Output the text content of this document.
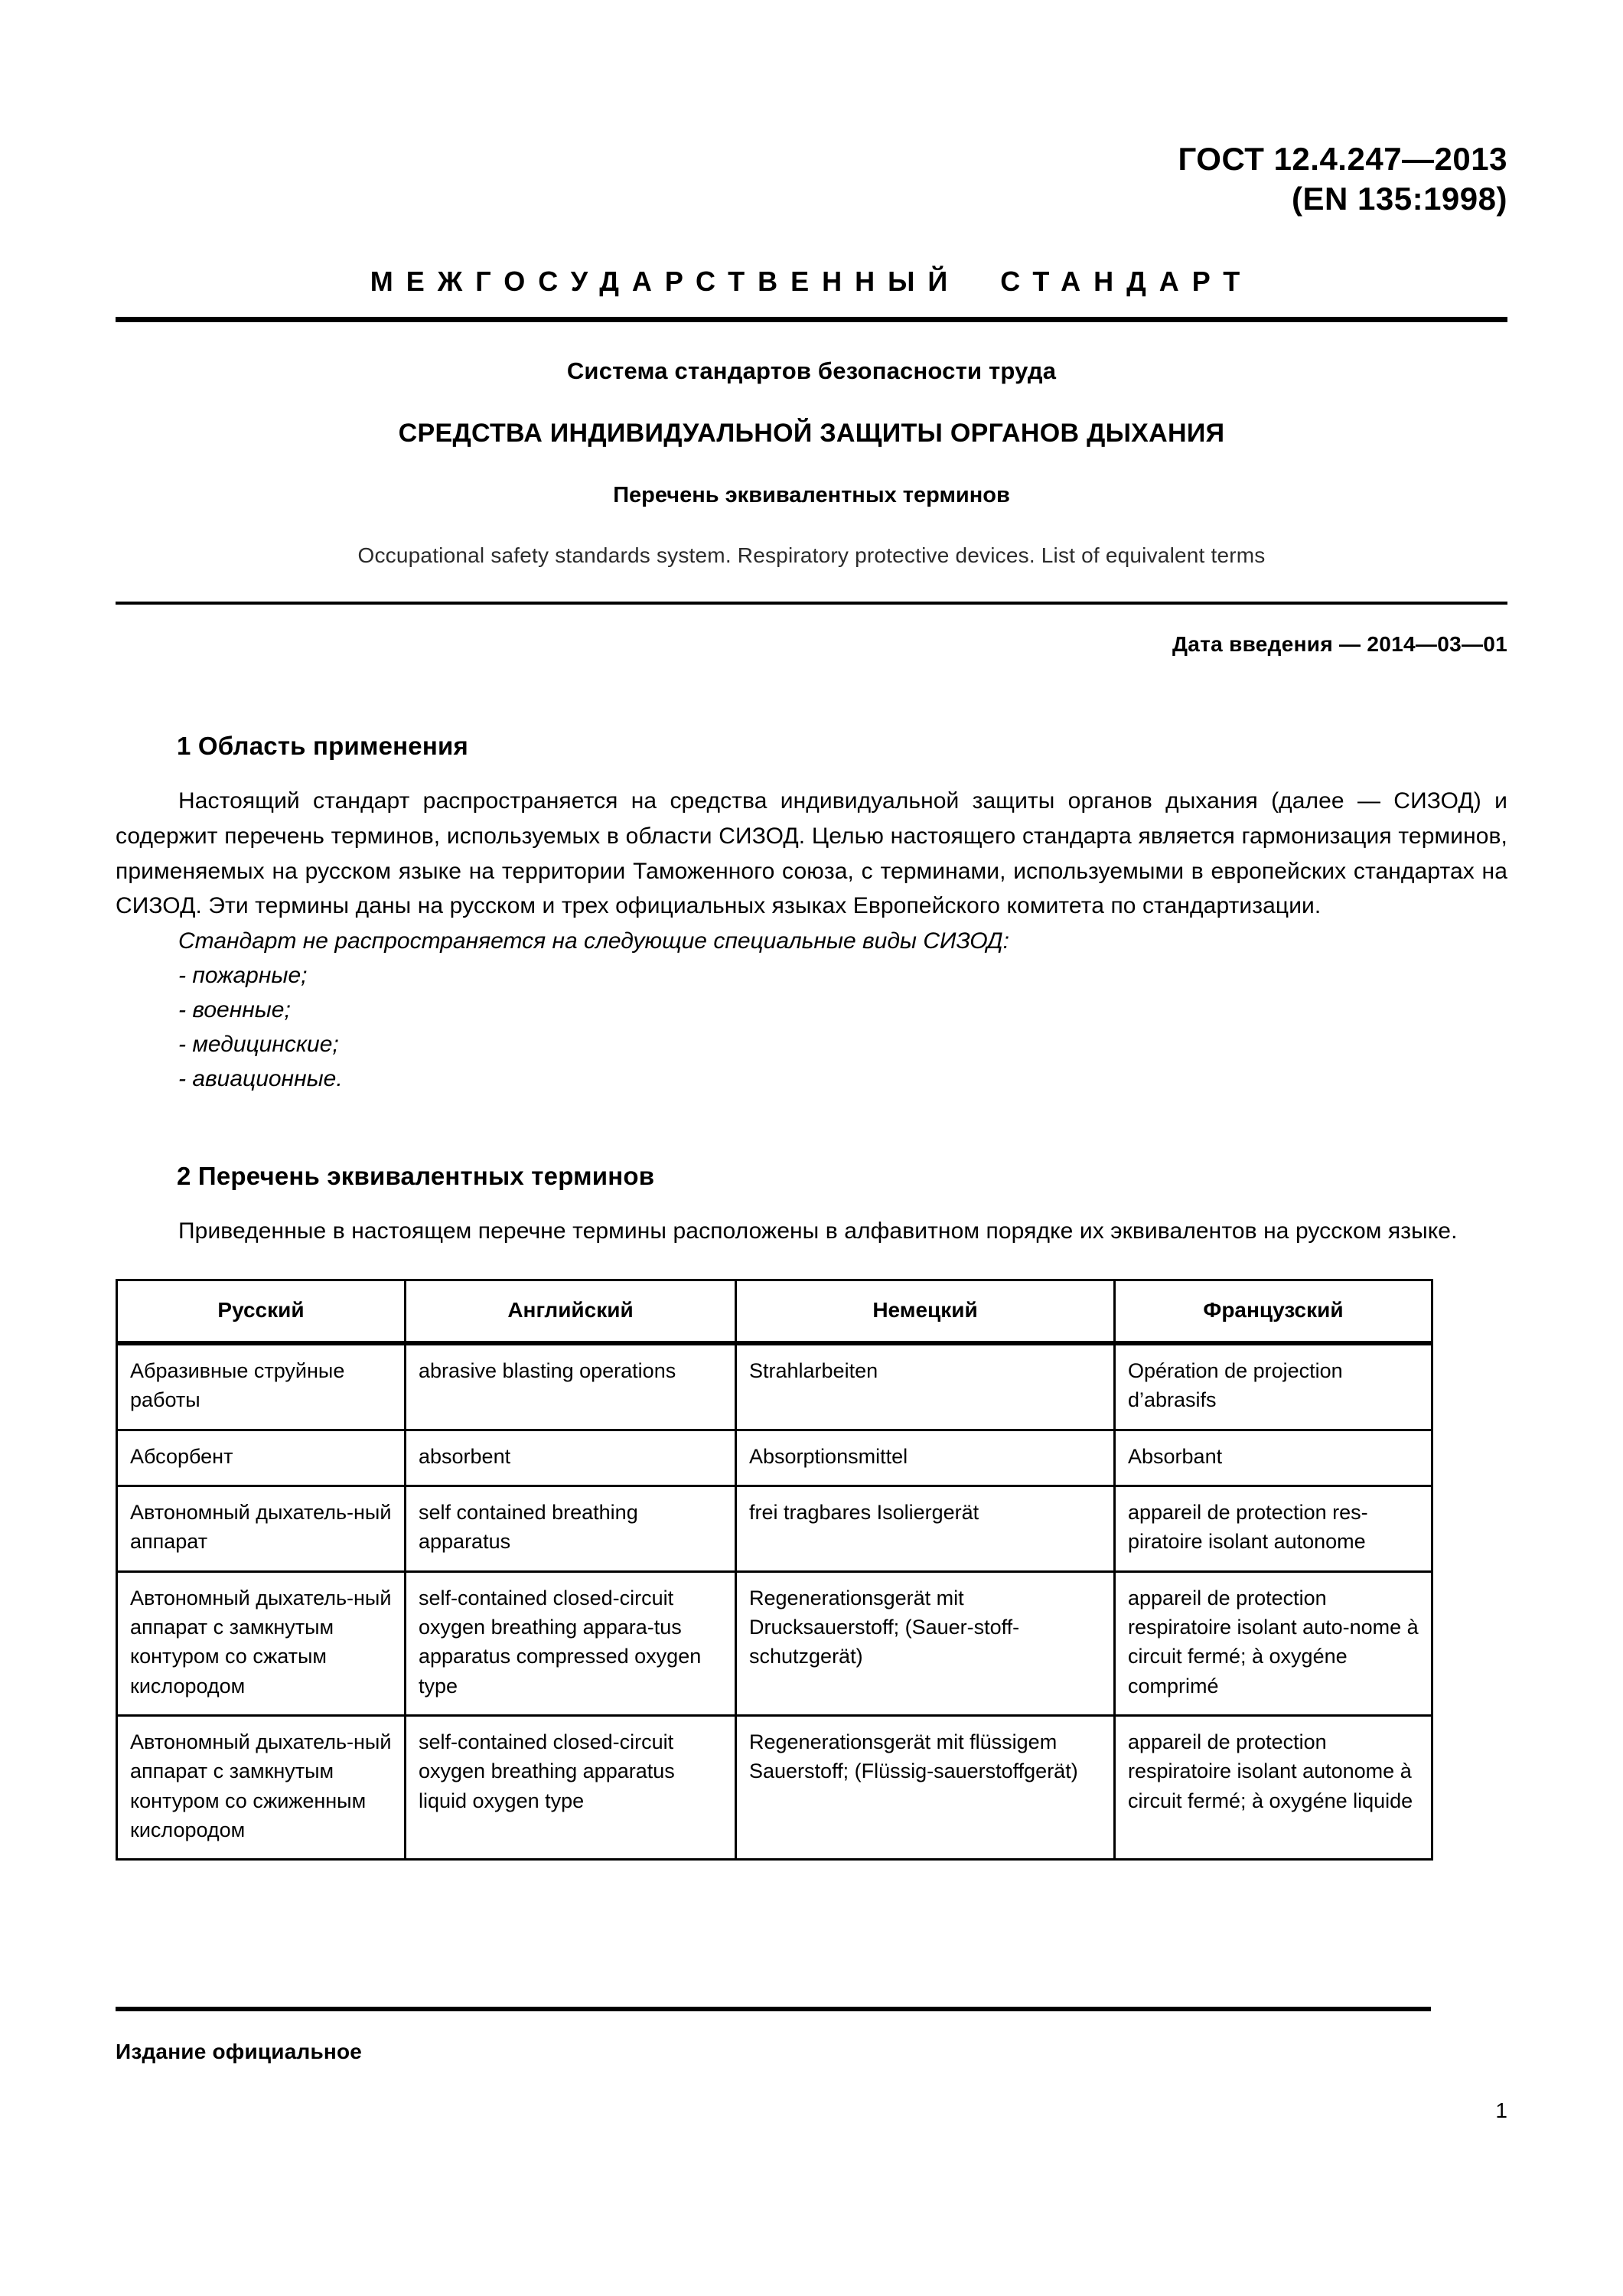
ГОСТ 12.4.247—2013
(EN 135:1998)
МЕЖГОСУДАРСТВЕННЫЙ СТАНДАРТ
Система стандартов безопасности труда
СРЕДСТВА ИНДИВИДУАЛЬНОЙ ЗАЩИТЫ ОРГАНОВ ДЫХАНИЯ
Перечень эквивалентных терминов
Occupational safety standards system. Respiratory protective devices. List of equivalent terms
Дата введения — 2014—03—01
1 Область применения

Настоящий стандарт распространяется на средства индивидуальной защиты органов дыхания (далее — СИЗОД) и содержит перечень терминов, используемых в области СИЗОД. Целью настоящего стандарта является гармонизация терминов, применяемых на русском языке на территории Таможенного союза, с терминами, используемыми в европейских стандартах на СИЗОД. Эти термины даны на русском и трех официальных языках Европейского комитета по стандартизации.

Стандарт не распространяется на следующие специальные виды СИЗОД:

- пожарные;
- военные;
- медицинские;
- авиационные.
2 Перечень эквивалентных терминов

Приведенные в настоящем перечне термины расположены в алфавитном порядке их эквивалентов на русском языке.

Русский	Английский	Немецкий	Французский
Абразивные струйные работы	abrasive blasting operations	Strahlarbeiten	Opération de projection d’abrasifs
Абсорбент	absorbent	Absorptionsmittel	Absorbant
Автономный дыхатель-ный аппарат	self contained breathing apparatus	frei tragbares Isoliergerät	appareil de protection res-piratoire isolant autonome
Автономный дыхатель-ный аппарат с замкнутым контуром со сжатым кислородом	self-contained closed-circuit oxygen breathing appara-tus apparatus compressed oxygen type	Regenerationsgerät mit Drucksauerstoff; (Sauer-stoff-schutzgerät)	appareil de protection respiratoire isolant auto-nome à circuit fermé; à oxygéne comprimé
Автономный дыхатель-ный аппарат с замкнутым контуром со сжиженным кислородом	self-contained closed-circuit oxygen breathing apparatus liquid oxygen type	Regenerationsgerät mit flüssigem Sauerstoff; (Flüssig-sauerstoffgerät)	appareil de protection respiratoire isolant autonome à circuit fermé; à oxygéne liquide
Издание официальное
1
